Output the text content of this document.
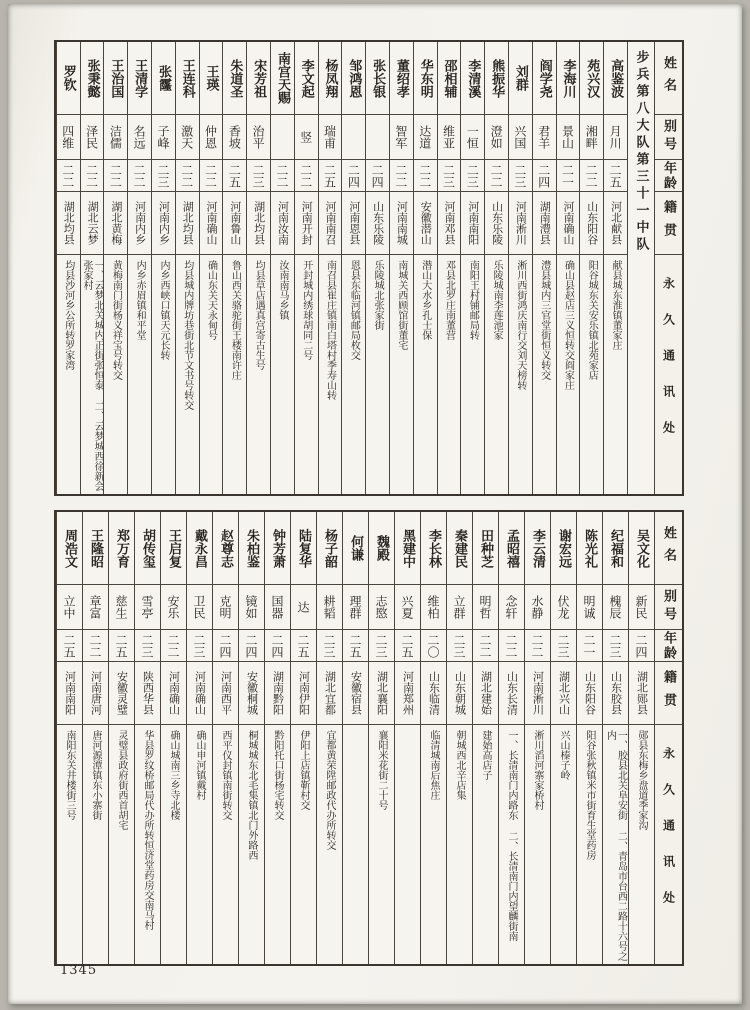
姓名
别号
年龄
籍贯
永久通讯处
步兵第八大队第三十一中队
高鉴波
月川
二五
河北献县
献县城东淮镇董家庄
苑兴汉
湘畔
二二
山东阳谷
阳谷城东关安乐镇北苑家店
李海川
景山
二一
河南确山
确山县赵店三义恒转交阎家庄
阎学尧
君羊
二四
湖南澧县
澧县城内三官堂街恒义转交
刘群
兴国
二三
河南淅川
淅川西街鸿庆南行交刘天榜转
熊振华
澄如
二二
山东乐陵
乐陵城南李莲池家
李清溪
一恒
二三
河南南阳
南阳王村铺邮局转
邵相辅
维亚
二三
河南邓县
邓县北罗庄南董营
华东明
达道
二二
安徽潜山
潜山大水乡孔士保
董绍孝
智军
二二
河南南城
南城关西顾馆街董宅
张长银
二四
山东乐陵
乐陵城北张家街
邹鸿恩
二四
河南恩县
恩县东临河镇邮局枚交
杨凤翔
瑞甫
二五
河南南召
南召县崔庄镇南白塔村季寿山转
李文起
竖
二二
河南开封
开封城内绣球胡同二号
南宫天赐
二二
河南汝南
汝南南马乡镇
宋芳祖
治平
二三
湖北均县
均县草店遇真宫寄古生号
朱道圣
香坡
二五
河南鲁山
鲁山西关骆驼街王楼南许庄
王瑛
仲恩
二二
河南确山
确山东关天永甸号
王连科
激天
二二
湖北均县
均县城内牌坊巷街北节文书号转交
张霳
子峰
二三
河南内乡
内乡西峡口镇天元长转
王清学
名远
二二
河南内乡
内乡赤眉镇和平堂
王治国
洁儒
二二
湖北黄梅
黄梅南门街杨义祥宝号转交
张秉懿
泽民
二二
湖北云梦
一、云梦北关城内正街张恒泰 二、云梦城西徐新会张家村
罗钦
四维
二二
湖北均县
均县沙河乡公所转罗家湾
姓名
别号
年龄
籍贯
永久通讯处
吴文化
新民
二四
湖北郧县
郧县东梅乡盘道季家沟
纪福和
槐辰
二三
山东胶县
一、胶县北关阜安街 二、青岛市台西二路十六号之内
陈光礼
明诚
二一
山东阳谷
阳谷张秋镇米市街育生堂药房
谢宏远
伏龙
二三
湖北兴山
兴山榛子岭
李云清
水静
二二
河南淅川
淅川滔河寨家桥村
孟昭禧
念轩
二二
山东长清
一、长清南门内路东 二、长清南门内望麟街南
田种芝
明哲
二二
湖北建始
建始高店子
秦建民
立群
二三
山东朝城
朝城西北辛店集
李长林
维柏
二〇
山东临清
临清城南后焦庄
黑建中
兴夏
二五
河南郑州
魏殿
志愍
二三
湖北襄阳
襄阳米花街二十号
何谦
理群
二五
安徽宿县
杨子韶
耕韬
二三
湖北宜都
宜都黄荣陞邮政代办所转交
陆复华
达
二五
河南伊阳
伊阳上店镇靳村交
钟芳萧
国器
二四
湖南黔阳
黔阳托口街杨宅转交
朱柏鉴
镜如
二四
安徽桐城
桐城城东北毛集镇北门外路西
赵尊志
克明
二四
河南西平
西平仪封镇南街转交
戴永昌
卫民
二三
河南确山
确山申河镇戴村
王启复
安乐
二二
河南确山
确山城南三乡寺北楼
胡传玺
雪亭
二三
陕西华县
华县罗纹桥邮局代办所转恒济堂药房交南马村
郑万育
慈生
二五
安徽灵璧
灵璧县政府街西首胡宅
王隆昭
章富
二二
河南唐河
唐河源潭镇东小寨街
周浩文
立中
二五
河南南阳
南阳东关井楼街三号
1345
